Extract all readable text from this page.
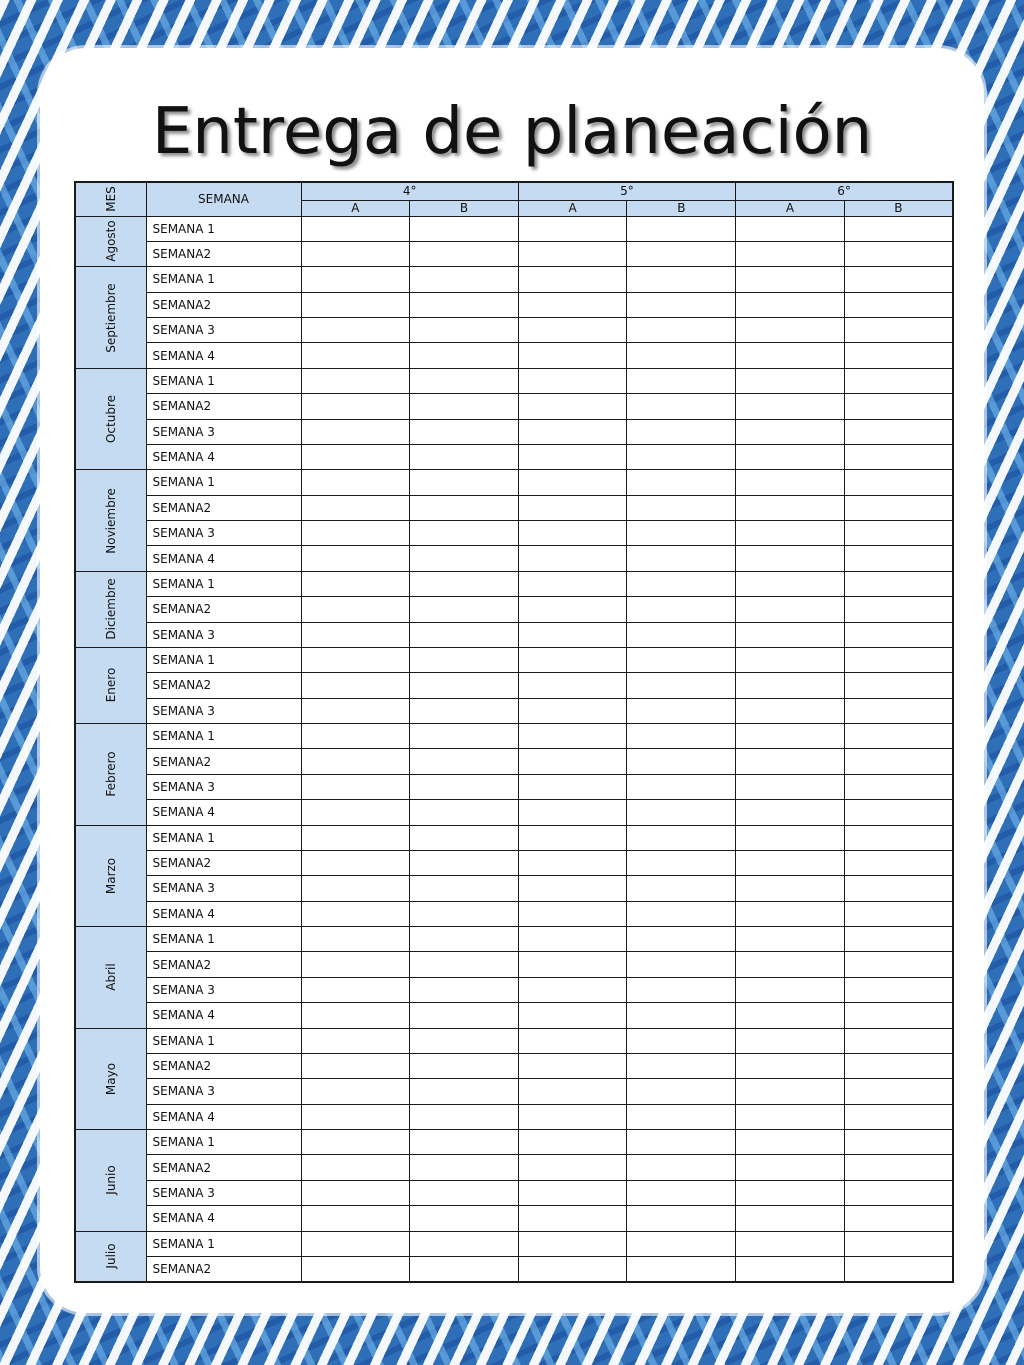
Entrega de planeación
MES	SEMANA	4°		5°		6°	
		A	B	A	B	A	B

Agosto	SEMANA 1						
	SEMANA2						

Septiembre	SEMANA 1						
	SEMANA2						
	SEMANA 3						
	SEMANA 4						

Octubre	SEMANA 1						
	SEMANA2						
	SEMANA 3						
	SEMANA 4						

Noviembre	SEMANA 1						
	SEMANA2						
	SEMANA 3						
	SEMANA 4						

Diciembre	SEMANA 1						
	SEMANA2						
	SEMANA 3						

Enero	SEMANA 1						
	SEMANA2						
	SEMANA 3						

Febrero	SEMANA 1						
	SEMANA2						
	SEMANA 3						
	SEMANA 4						

Marzo	SEMANA 1						
	SEMANA2						
	SEMANA 3						
	SEMANA 4						

Abril	SEMANA 1						
	SEMANA2						
	SEMANA 3						
	SEMANA 4						

Mayo	SEMANA 1						
	SEMANA2						
	SEMANA 3						
	SEMANA 4						

Junio	SEMANA 1						
	SEMANA2						
	SEMANA 3						
	SEMANA 4						

Julio	SEMANA 1						
	SEMANA2						
